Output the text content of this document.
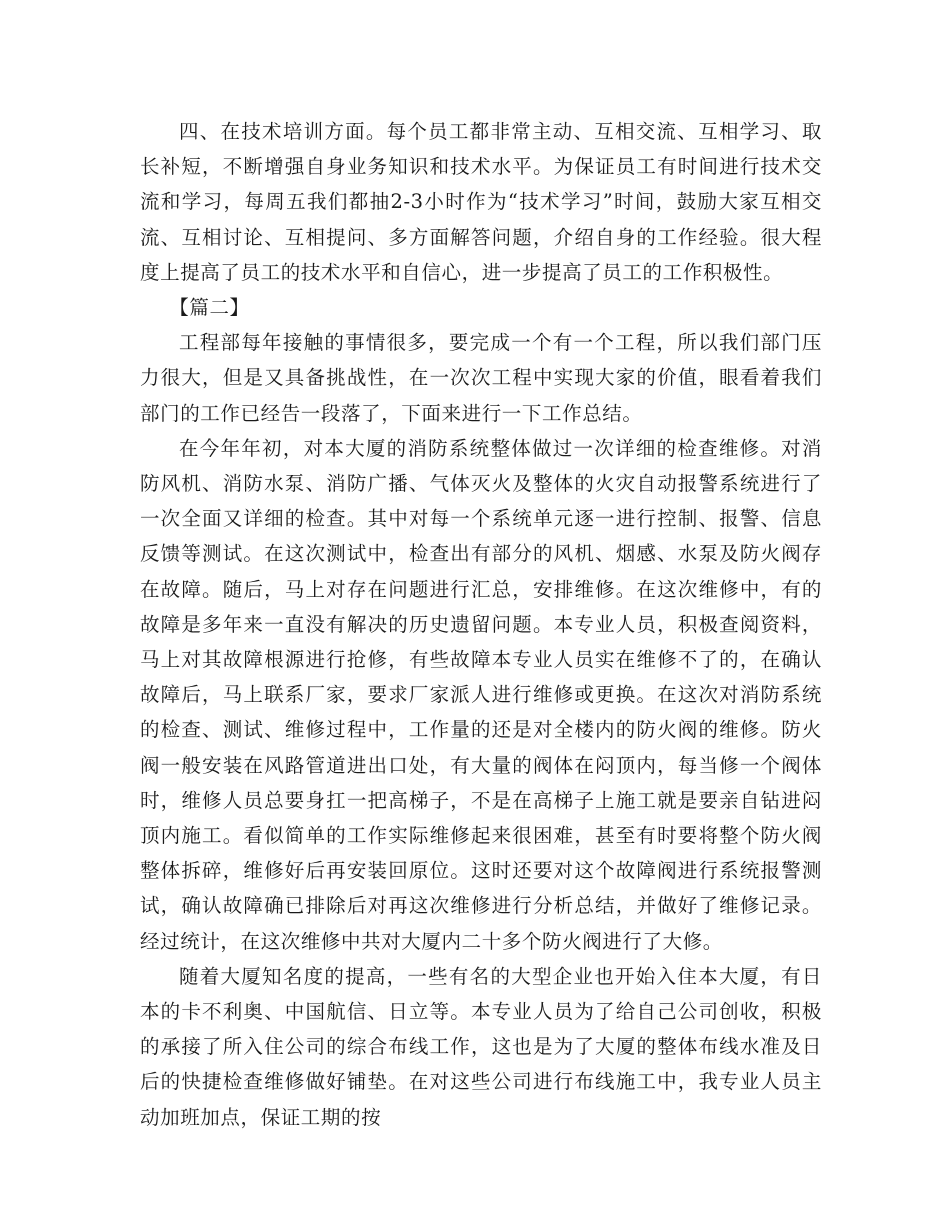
四、在技术培训方面。每个员工都非常主动、互相交流、互相学习、取长补短，不断增强自身业务知识和技术水平。为保证员工有时间进行技术交流和学习，每周五我们都抽2-3小时作为“技术学习”时间，鼓励大家互相交流、互相讨论、互相提问、多方面解答问题，介绍自身的工作经验。很大程度上提高了员工的技术水平和自信心，进一步提高了员工的工作积极性。

【篇二】

工程部每年接触的事情很多，要完成一个有一个工程，所以我们部门压力很大，但是又具备挑战性，在一次次工程中实现大家的价值，眼看着我们部门的工作已经告一段落了，下面来进行一下工作总结。

在今年年初，对本大厦的消防系统整体做过一次详细的检查维修。对消防风机、消防水泵、消防广播、气体灭火及整体的火灾自动报警系统进行了一次全面又详细的检查。其中对每一个系统单元逐一进行控制、报警、信息反馈等测试。在这次测试中，检查出有部分的风机、烟感、水泵及防火阀存在故障。随后，马上对存在问题进行汇总，安排维修。在这次维修中，有的故障是多年来一直没有解决的历史遗留问题。本专业人员，积极查阅资料，马上对其故障根源进行抢修，有些故障本专业人员实在维修不了的，在确认故障后，马上联系厂家，要求厂家派人进行维修或更换。在这次对消防系统的检查、测试、维修过程中，工作量的还是对全楼内的防火阀的维修。防火阀一般安装在风路管道进出口处，有大量的阀体在闷顶内，每当修一个阀体时，维修人员总要身扛一把高梯子，不是在高梯子上施工就是要亲自钻进闷顶内施工。看似简单的工作实际维修起来很困难，甚至有时要将整个防火阀整体拆碎，维修好后再安装回原位。这时还要对这个故障阀进行系统报警测试，确认故障确已排除后对再这次维修进行分析总结，并做好了维修记录。经过统计，在这次维修中共对大厦内二十多个防火阀进行了大修。

随着大厦知名度的提高，一些有名的大型企业也开始入住本大厦，有日本的卡不利奥、中国航信、日立等。本专业人员为了给自己公司创收，积极的承接了所入住公司的综合布线工作，这也是为了大厦的整体布线水准及日后的快捷检查维修做好铺垫。在对这些公司进行布线施工中，我专业人员主动加班加点，保证工期的按
